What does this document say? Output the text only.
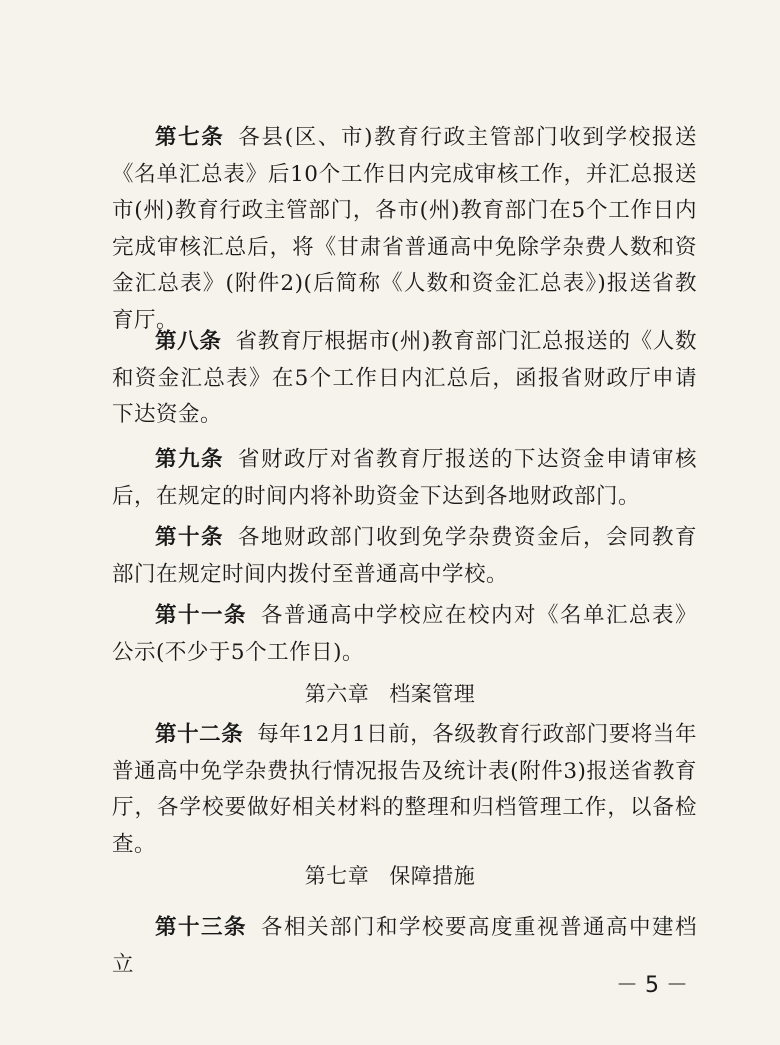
第七条 各县(区、市)教育行政主管部门收到学校报送《名单汇总表》后10个工作日内完成审核工作，并汇总报送市(州)教育行政主管部门，各市(州)教育部门在5个工作日内完成审核汇总后，将《甘肃省普通高中免除学杂费人数和资金汇总表》(附件2)(后简称《人数和资金汇总表》)报送省教育厅。

第八条 省教育厅根据市(州)教育部门汇总报送的《人数和资金汇总表》在5个工作日内汇总后，函报省财政厅申请下达资金。

第九条 省财政厅对省教育厅报送的下达资金申请审核后，在规定的时间内将补助资金下达到各地财政部门。

第十条 各地财政部门收到免学杂费资金后，会同教育部门在规定时间内拨付至普通高中学校。

第十一条 各普通高中学校应在校内对《名单汇总表》公示(不少于5个工作日)。

第六章 档案管理

第十二条 每年12月1日前，各级教育行政部门要将当年普通高中免学杂费执行情况报告及统计表(附件3)报送省教育厅，各学校要做好相关材料的整理和归档管理工作，以备检查。

第七章 保障措施

第十三条 各相关部门和学校要高度重视普通高中建档立

－ 5 －
